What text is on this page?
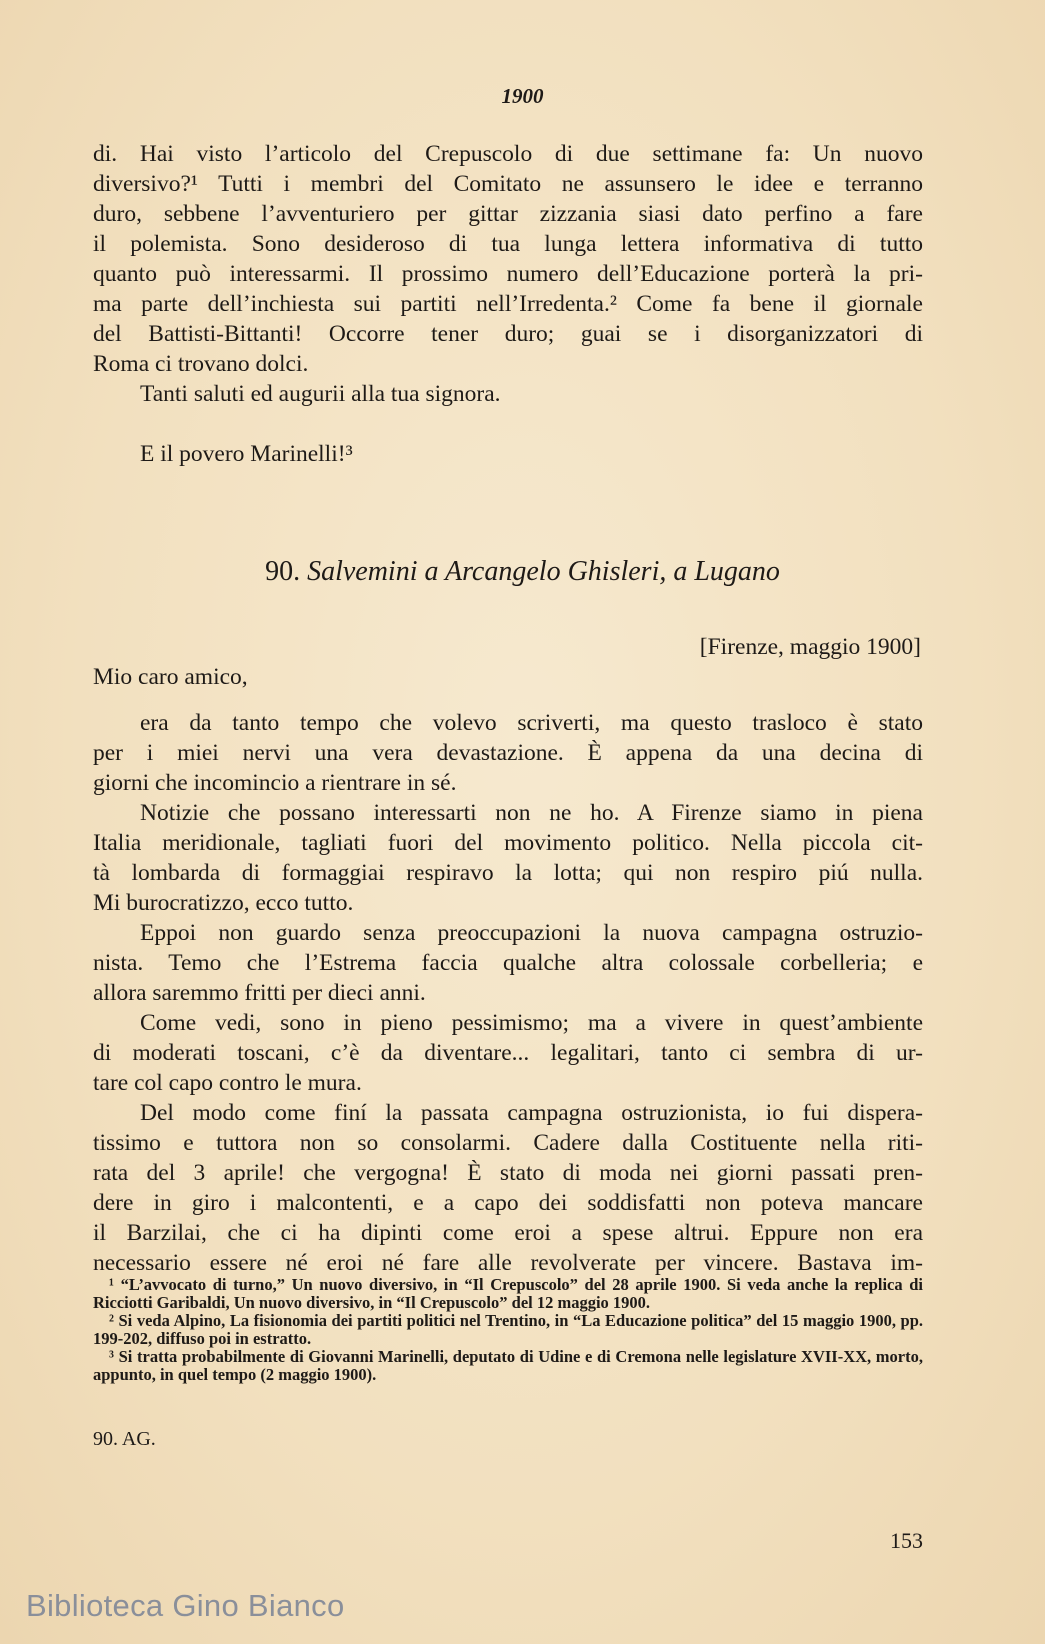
1900
di. Hai visto l’articolo del Crepuscolo di due settimane fa: Un nuovo
diversivo?¹ Tutti i membri del Comitato ne assunsero le idee e terranno
duro, sebbene l’avventuriero per gittar zizzania siasi dato perfino a fare
il polemista. Sono desideroso di tua lunga lettera informativa di tutto
quanto può interessarmi. Il prossimo numero dell’Educazione porterà la pri-
ma parte dell’inchiesta sui partiti nell’Irredenta.² Come fa bene il giornale
del Battisti-Bittanti! Occorre tener duro; guai se i disorganizzatori di
Roma ci trovano dolci.
Tanti saluti ed augurii alla tua signora.
E il povero Marinelli!³
90. Salvemini a Arcangelo Ghisleri, a Lugano
[Firenze, maggio 1900]
Mio caro amico,
era da tanto tempo che volevo scriverti, ma questo trasloco è stato
per i miei nervi una vera devastazione. È appena da una decina di
giorni che incomincio a rientrare in sé.
Notizie che possano interessarti non ne ho. A Firenze siamo in piena
Italia meridionale, tagliati fuori del movimento politico. Nella piccola cit-
tà lombarda di formaggiai respiravo la lotta; qui non respiro piú nulla.
Mi burocratizzo, ecco tutto.
Eppoi non guardo senza preoccupazioni la nuova campagna ostruzio-
nista. Temo che l’Estrema faccia qualche altra colossale corbelleria; e
allora saremmo fritti per dieci anni.
Come vedi, sono in pieno pessimismo; ma a vivere in quest’ambiente
di moderati toscani, c’è da diventare... legalitari, tanto ci sembra di ur-
tare col capo contro le mura.
Del modo come finí la passata campagna ostruzionista, io fui dispera-
tissimo e tuttora non so consolarmi. Cadere dalla Costituente nella riti-
rata del 3 aprile! che vergogna! È stato di moda nei giorni passati pren-
dere in giro i malcontenti, e a capo dei soddisfatti non poteva mancare
il Barzilai, che ci ha dipinti come eroi a spese altrui. Eppure non era
necessario essere né eroi né fare alle revolverate per vincere. Bastava im-

¹ “L’avvocato di turno,” Un nuovo diversivo, in “Il Crepuscolo” del 28 aprile 1900. Si veda anche la replica di Ricciotti Garibaldi, Un nuovo diversivo, in “Il Crepuscolo” del 12 maggio 1900.

² Si veda Alpino, La fisionomia dei partiti politici nel Trentino, in “La Educazione politica” del 15 maggio 1900, pp. 199-202, diffuso poi in estratto.

³ Si tratta probabilmente di Giovanni Marinelli, deputato di Udine e di Cremona nelle legislature XVII-XX, morto, appunto, in quel tempo (2 maggio 1900).

90. AG.
153
Biblioteca Gino Bianco
